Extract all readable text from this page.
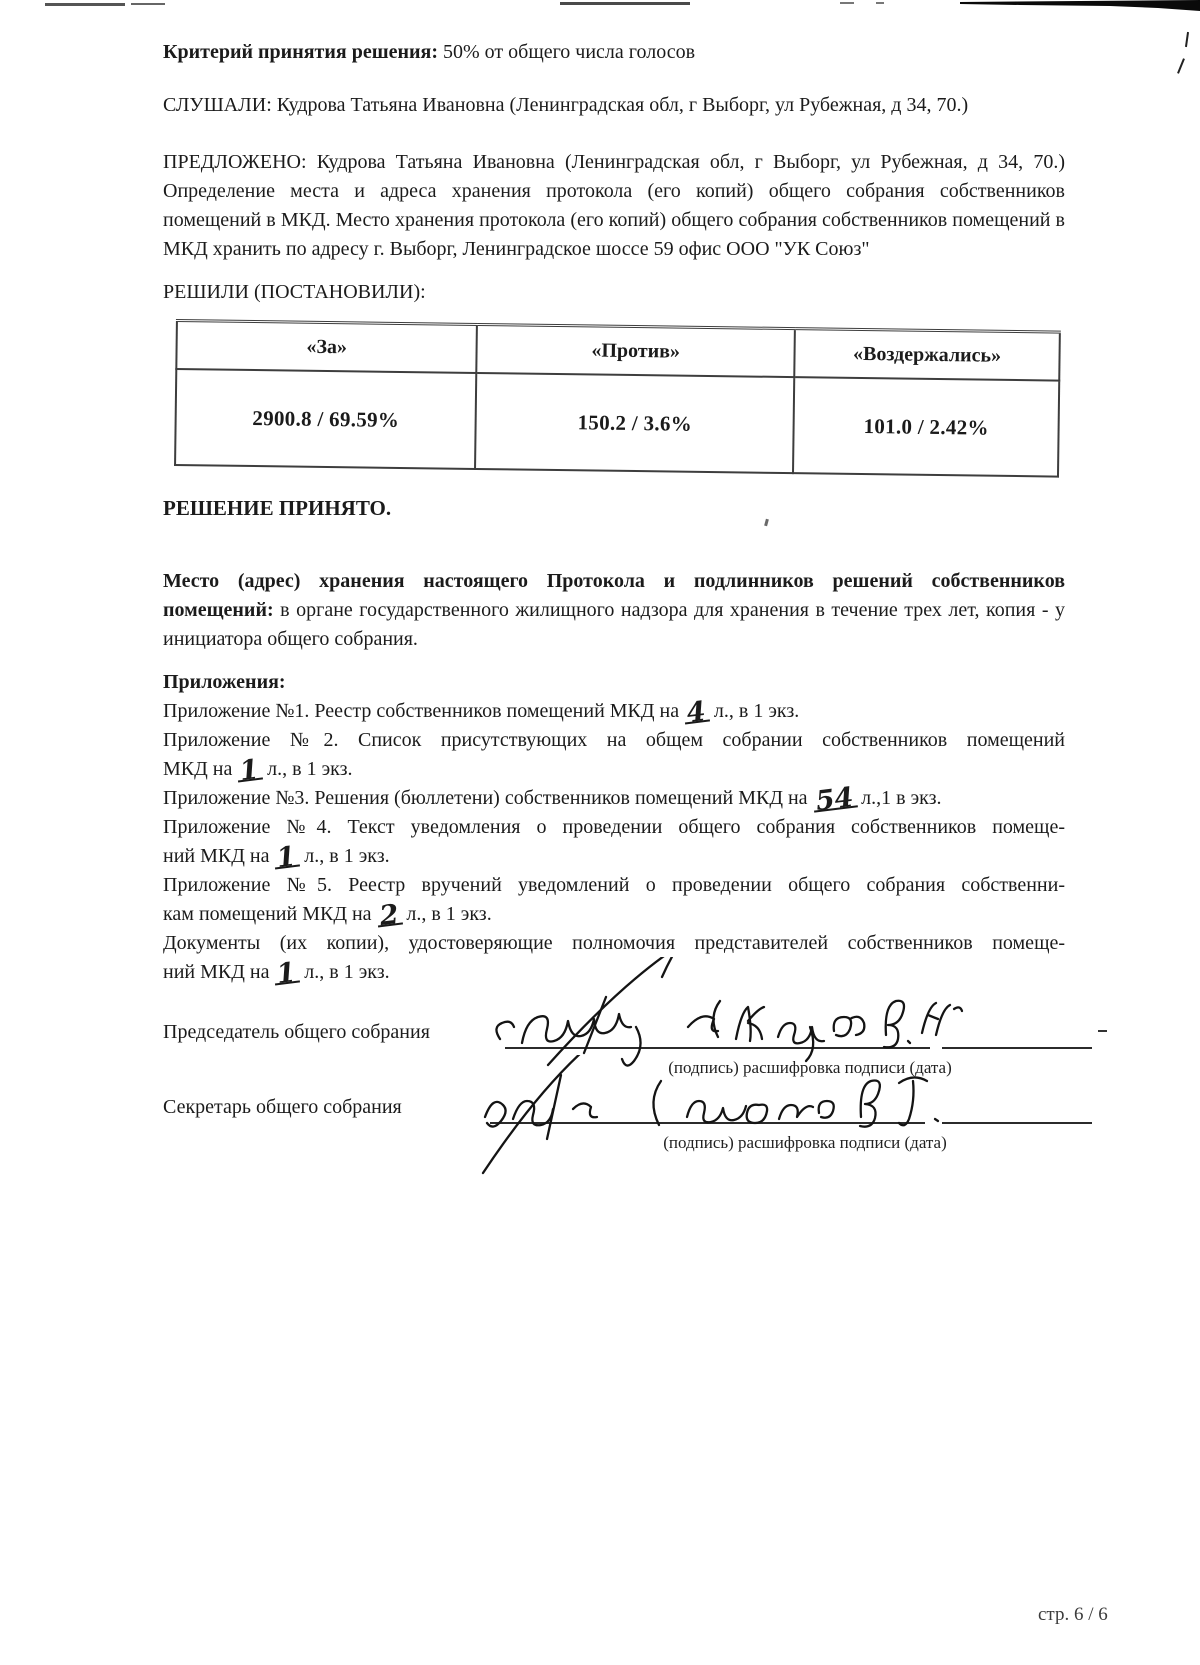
Критерий принятия решения: 50% от общего числа голосов

СЛУШАЛИ: Кудрова Татьяна Ивановна (Ленинградская обл, г Выборг, ул Рубежная, д 34, 70.)

ПРЕДЛОЖЕНО: Кудрова Татьяна Ивановна (Ленинградская обл, г Выборг, ул Рубежная, д 34, 70.) Определение места и адреса хранения протокола (его копий) общего собрания собственников помещений в МКД. Место хранения протокола (его копий) общего собрания собственников помещений в МКД хранить по адресу г. Выборг, Ленинградское шоссе 59 офис ООО "УК Союз"

РЕШИЛИ (ПОСТАНОВИЛИ):

«За»	«Против»	«Воздержались»
2900.8 / 69.59%	150.2 / 3.6%	101.0 / 2.42%

РЕШЕНИЕ ПРИНЯТО.

Место (адрес) хранения настоящего Протокола и подлинников решений собственников помещений: в органе государственного жилищного надзора для хранения в течение трех лет, копия - у инициатора общего собрания.

Приложения:

Приложение №1. Реестр собственников помещений МКД на 4 л., в 1 экз.
Приложение №2. Список присутствующих на общем собрании собственников помещений
МКД на 1 л., в 1 экз.
Приложение №3. Решения (бюллетени) собственников помещений МКД на 54 л.,1 в экз.
Приложение №4. Текст уведомления о проведении общего собрания собственников помеще-
ний МКД на 1 л., в 1 экз.
Приложение №5. Реестр вручений уведомлений о проведении общего собрания собственни-
кам помещений МКД на 2 л., в 1 экз.
Документы (их копии), удостоверяющие полномочия представителей собственников помеще-
ний МКД на 1 л., в 1 экз.
Председатель общего собрания
(подпись) расшифровка подписи (дата)
Секретарь общего собрания
(подпись) расшифровка подписи (дата)
стр. 6 / 6
